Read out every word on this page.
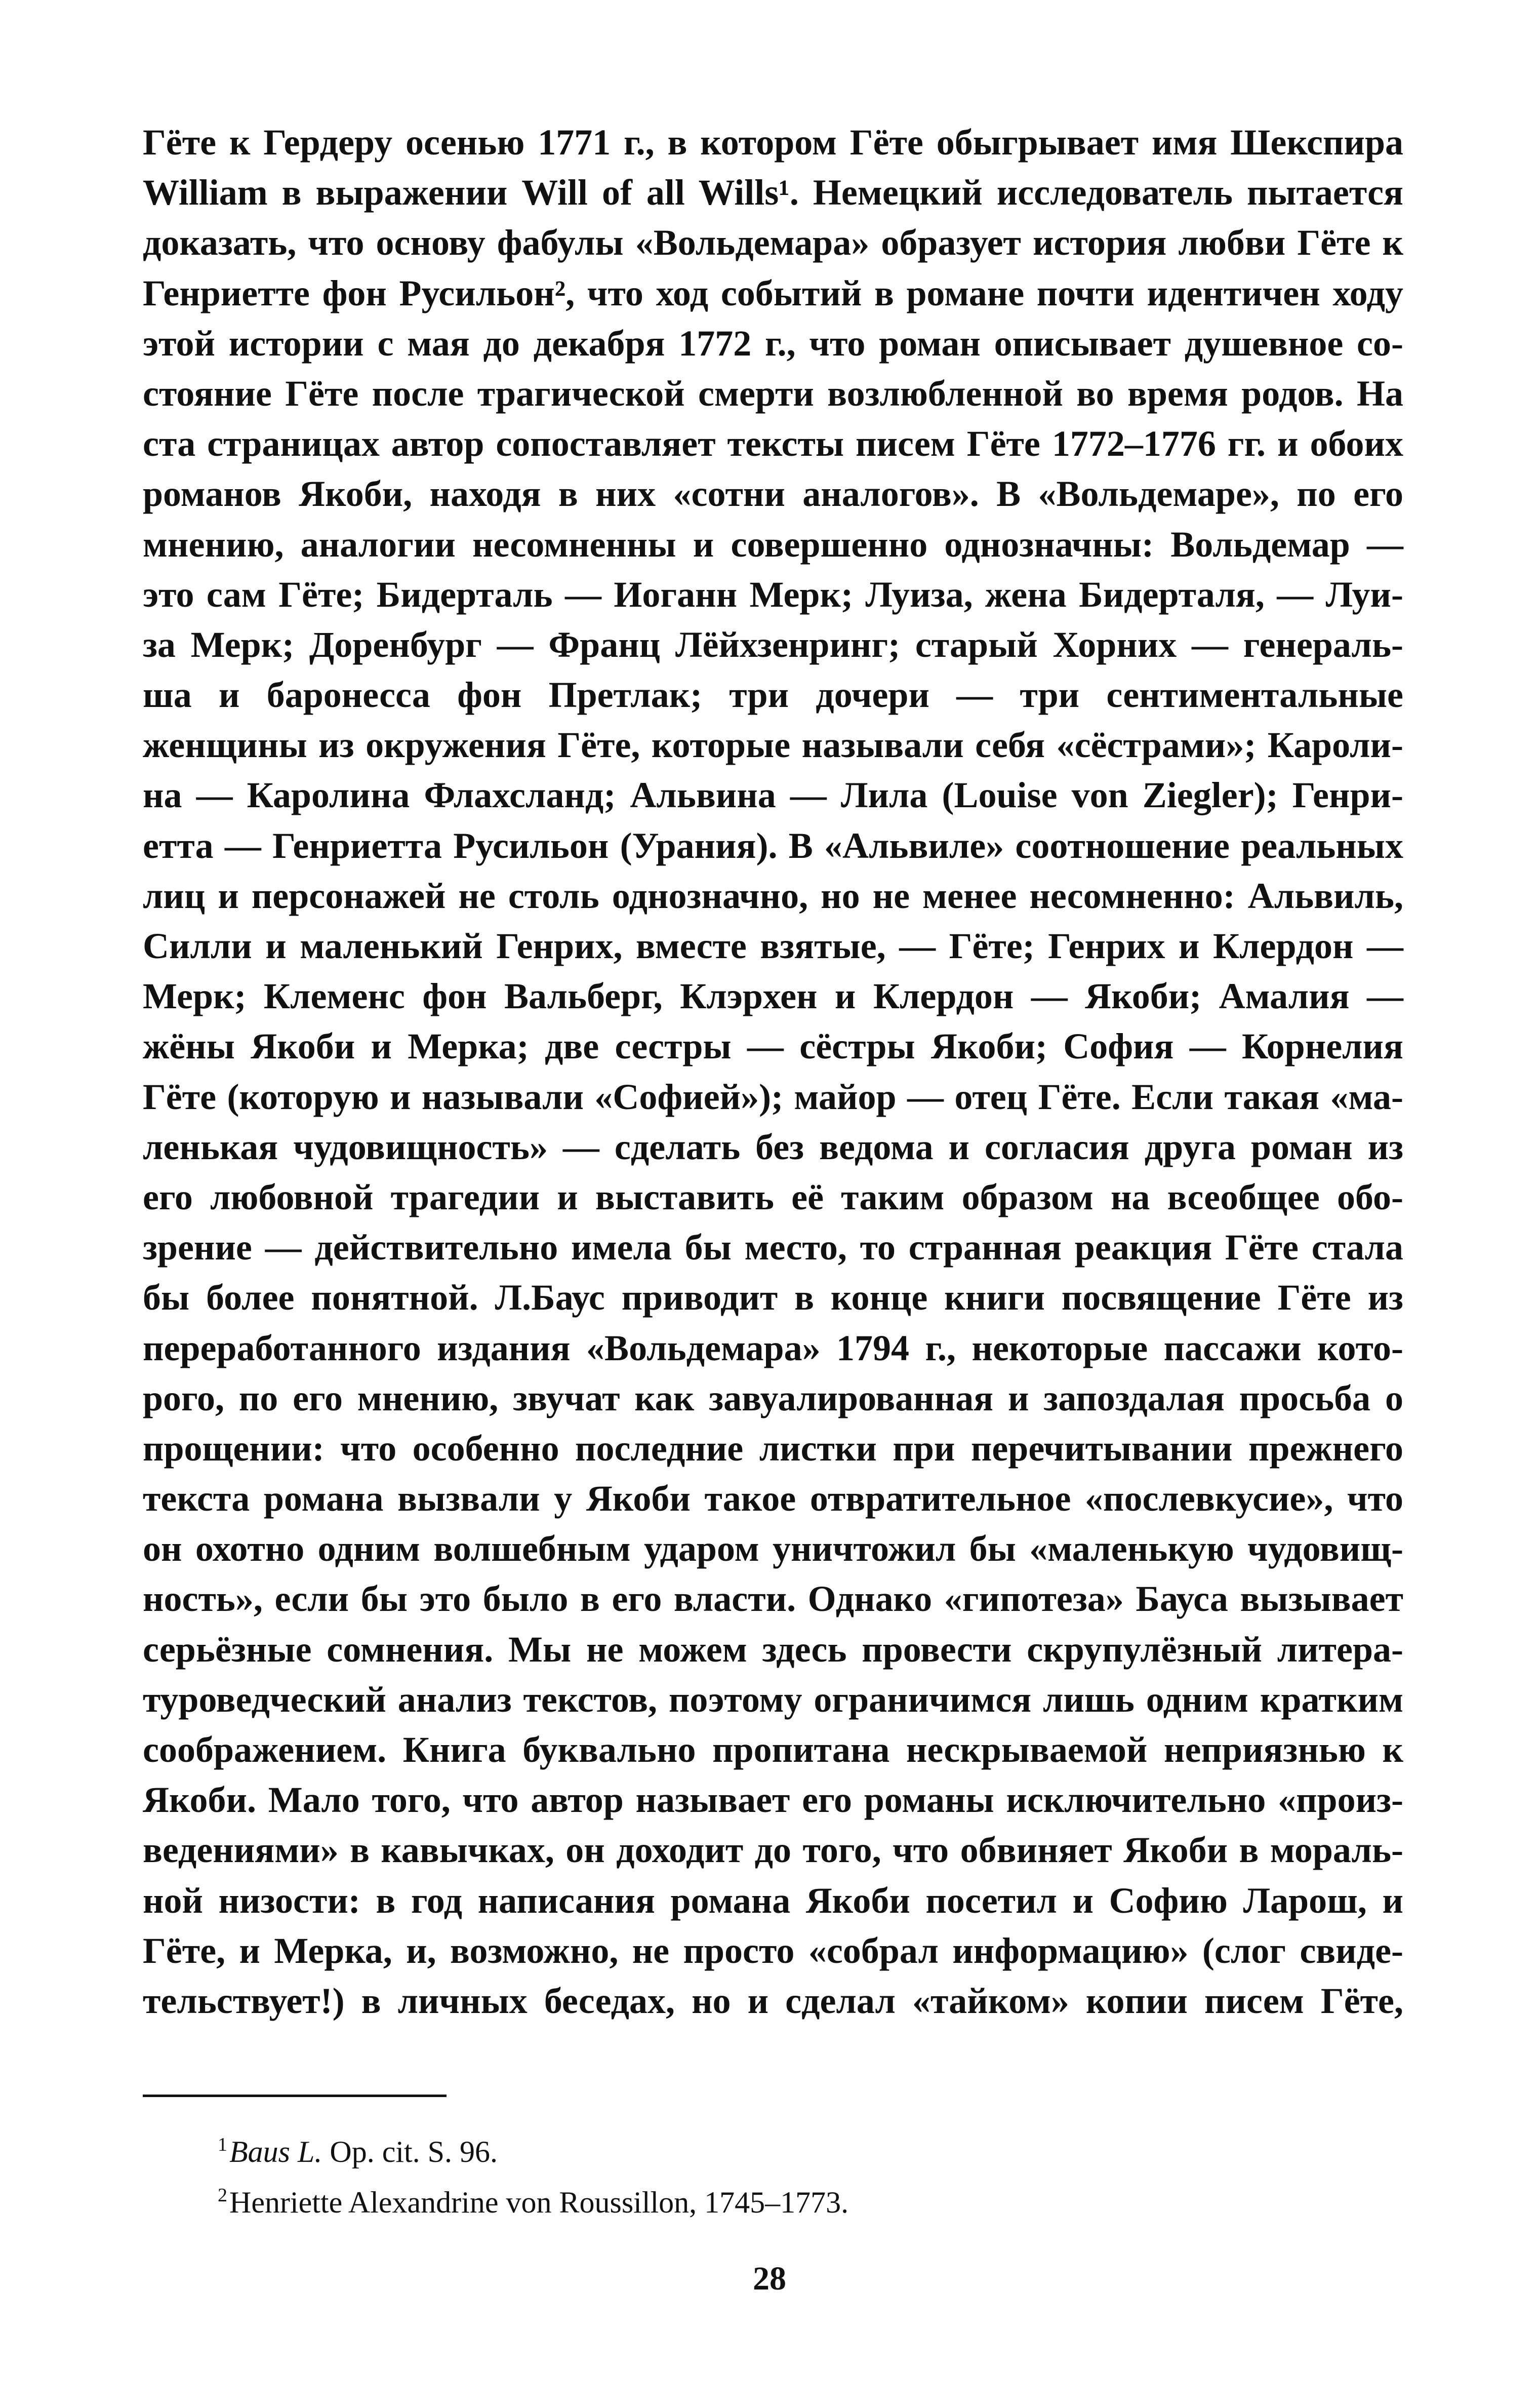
Гёте к Гердеру осенью 1771 г., в котором Гёте обыгрывает имя Шекспира
William в выражении Will of all Wills¹. Немецкий исследователь пытается
доказать, что основу фабулы «Вольдемара» образует история любви Гёте к
Генриетте фон Русильон², что ход событий в романе почти идентичен ходу
этой истории с мая до декабря 1772 г., что роман описывает душевное со-
стояние Гёте после трагической смерти возлюбленной во время родов. На
ста страницах автор сопоставляет тексты писем Гёте 1772–1776 гг. и обоих
романов Якоби, находя в них «сотни аналогов». В «Вольдемаре», по его
мнению, аналогии несомненны и совершенно однозначны: Вольдемар —
это сам Гёте; Бидерталь — Иоганн Мерк; Луиза, жена Бидерталя, — Луи-
за Мерк; Доренбург — Франц Лёйхзенринг; старый Хорних — генераль-
ша и баронесса фон Претлак; три дочери — три сентиментальные
женщины из окружения Гёте, которые называли себя «сёстрами»; Кароли-
на — Каролина Флахсланд; Альвина — Лила (Louise von Ziegler); Генри-
етта — Генриетта Русильон (Урания). В «Альвиле» соотношение реальных
лиц и персонажей не столь однозначно, но не менее несомненно: Альвиль,
Силли и маленький Генрих, вместе взятые, — Гёте; Генрих и Клердон —
Мерк; Клеменс фон Вальберг, Клэрхен и Клердон — Якоби; Амалия —
жёны Якоби и Мерка; две сестры — сёстры Якоби; София — Корнелия
Гёте (которую и называли «Софией»); майор — отец Гёте. Если такая «ма-
ленькая чудовищность» — сделать без ведома и согласия друга роман из
его любовной трагедии и выставить её таким образом на всеобщее обо-
зрение — действительно имела бы место, то странная реакция Гёте стала
бы более понятной. Л.Баус приводит в конце книги посвящение Гёте из
переработанного издания «Вольдемара» 1794 г., некоторые пассажи кото-
рого, по его мнению, звучат как завуалированная и запоздалая просьба о
прощении: что особенно последние листки при перечитывании прежнего
текста романа вызвали у Якоби такое отвратительное «послевкусие», что
он охотно одним волшебным ударом уничтожил бы «маленькую чудовищ-
ность», если бы это было в его власти. Однако «гипотеза» Бауса вызывает
серьёзные сомнения. Мы не можем здесь провести скрупулёзный литера-
туроведческий анализ текстов, поэтому ограничимся лишь одним кратким
соображением. Книга буквально пропитана нескрываемой неприязнью к
Якоби. Мало того, что автор называет его романы исключительно «произ-
ведениями» в кавычках, он доходит до того, что обвиняет Якоби в мораль-
ной низости: в год написания романа Якоби посетил и Софию Ларош, и
Гёте, и Мерка, и, возможно, не просто «собрал информацию» (слог свиде-
тельствует!) в личных беседах, но и сделал «тайком» копии писем Гёте,
$^1$Baus L. Op. cit. S. 96.
$^2$Henriette Alexandrine von Roussillon, 1745–1773.
28
